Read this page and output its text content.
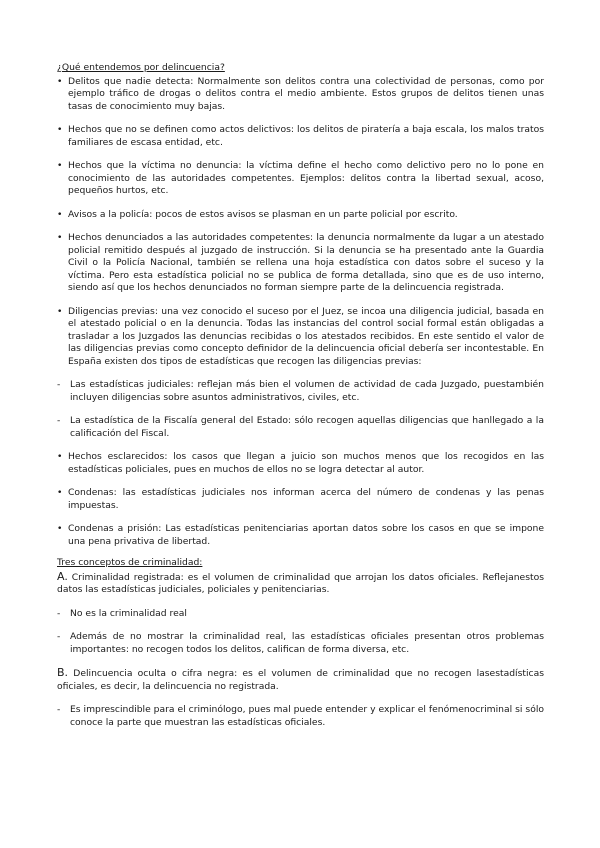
¿Qué entendemos por delincuencia?
• Delitos que nadie detecta: Normalmente son delitos contra una colectividad de personas, como por ejemplo tráfico de drogas o delitos contra el medio ambiente. Estos grupos de delitos tienen unas tasas de conocimiento muy bajas.
• Hechos que no se definen como actos delictivos: los delitos de piratería a baja escala, los malos tratos familiares de escasa entidad, etc.
• Hechos que la víctima no denuncia: la víctima define el hecho como delictivo pero no lo pone en conocimiento de las autoridades competentes. Ejemplos: delitos contra la libertad sexual, acoso, pequeños hurtos, etc.
• Avisos a la policía: pocos de estos avisos se plasman en un parte policial por escrito.
• Hechos denunciados a las autoridades competentes: la denuncia normalmente da lugar a un atestado policial remitido después al juzgado de instrucción. Si la denuncia se ha presentado ante la Guardia Civil o la Policía Nacional, también se rellena una hoja estadística con datos sobre el suceso y la víctima. Pero esta estadística policial no se publica de forma detallada, sino que es de uso interno, siendo así que los hechos denunciados no forman siempre parte de la delincuencia registrada.
• Diligencias previas: una vez conocido el suceso por el Juez, se incoa una diligencia judicial, basada en el atestado policial o en la denuncia. Todas las instancias del control social formal están obligadas a trasladar a los Juzgados las denuncias recibidas o los atestados recibidos. En este sentido el valor de las diligencias previas como concepto definidor de la delincuencia oficial debería ser incontestable. En España existen dos tipos de estadísticas que recogen las diligencias previas:
- Las estadísticas judiciales: reflejan más bien el volumen de actividad de cada Juzgado, puestambién incluyen diligencias sobre asuntos administrativos, civiles, etc.
- La estadística de la Fiscalía general del Estado: sólo recogen aquellas diligencias que hanllegado a la calificación del Fiscal.
• Hechos esclarecidos: los casos que llegan a juicio son muchos menos que los recogidos en las estadísticas policiales, pues en muchos de ellos no se logra detectar al autor.
• Condenas: las estadísticas judiciales nos informan acerca del número de condenas y las penas impuestas.
• Condenas a prisión: Las estadísticas penitenciarias aportan datos sobre los casos en que se impone una pena privativa de libertad.
Tres conceptos de criminalidad:
A. Criminalidad registrada: es el volumen de criminalidad que arrojan los datos oficiales. Reflejanestos datos las estadísticas judiciales, policiales y penitenciarias.
- No es la criminalidad real
- Además de no mostrar la criminalidad real, las estadísticas oficiales presentan otros problemas importantes: no recogen todos los delitos, califican de forma diversa, etc.
B. Delincuencia oculta o cifra negra: es el volumen de criminalidad que no recogen lasestadísticas oficiales, es decir, la delincuencia no registrada.
- Es imprescindible para el criminólogo, pues mal puede entender y explicar el fenómenocriminal si sólo conoce la parte que muestran las estadísticas oficiales.
